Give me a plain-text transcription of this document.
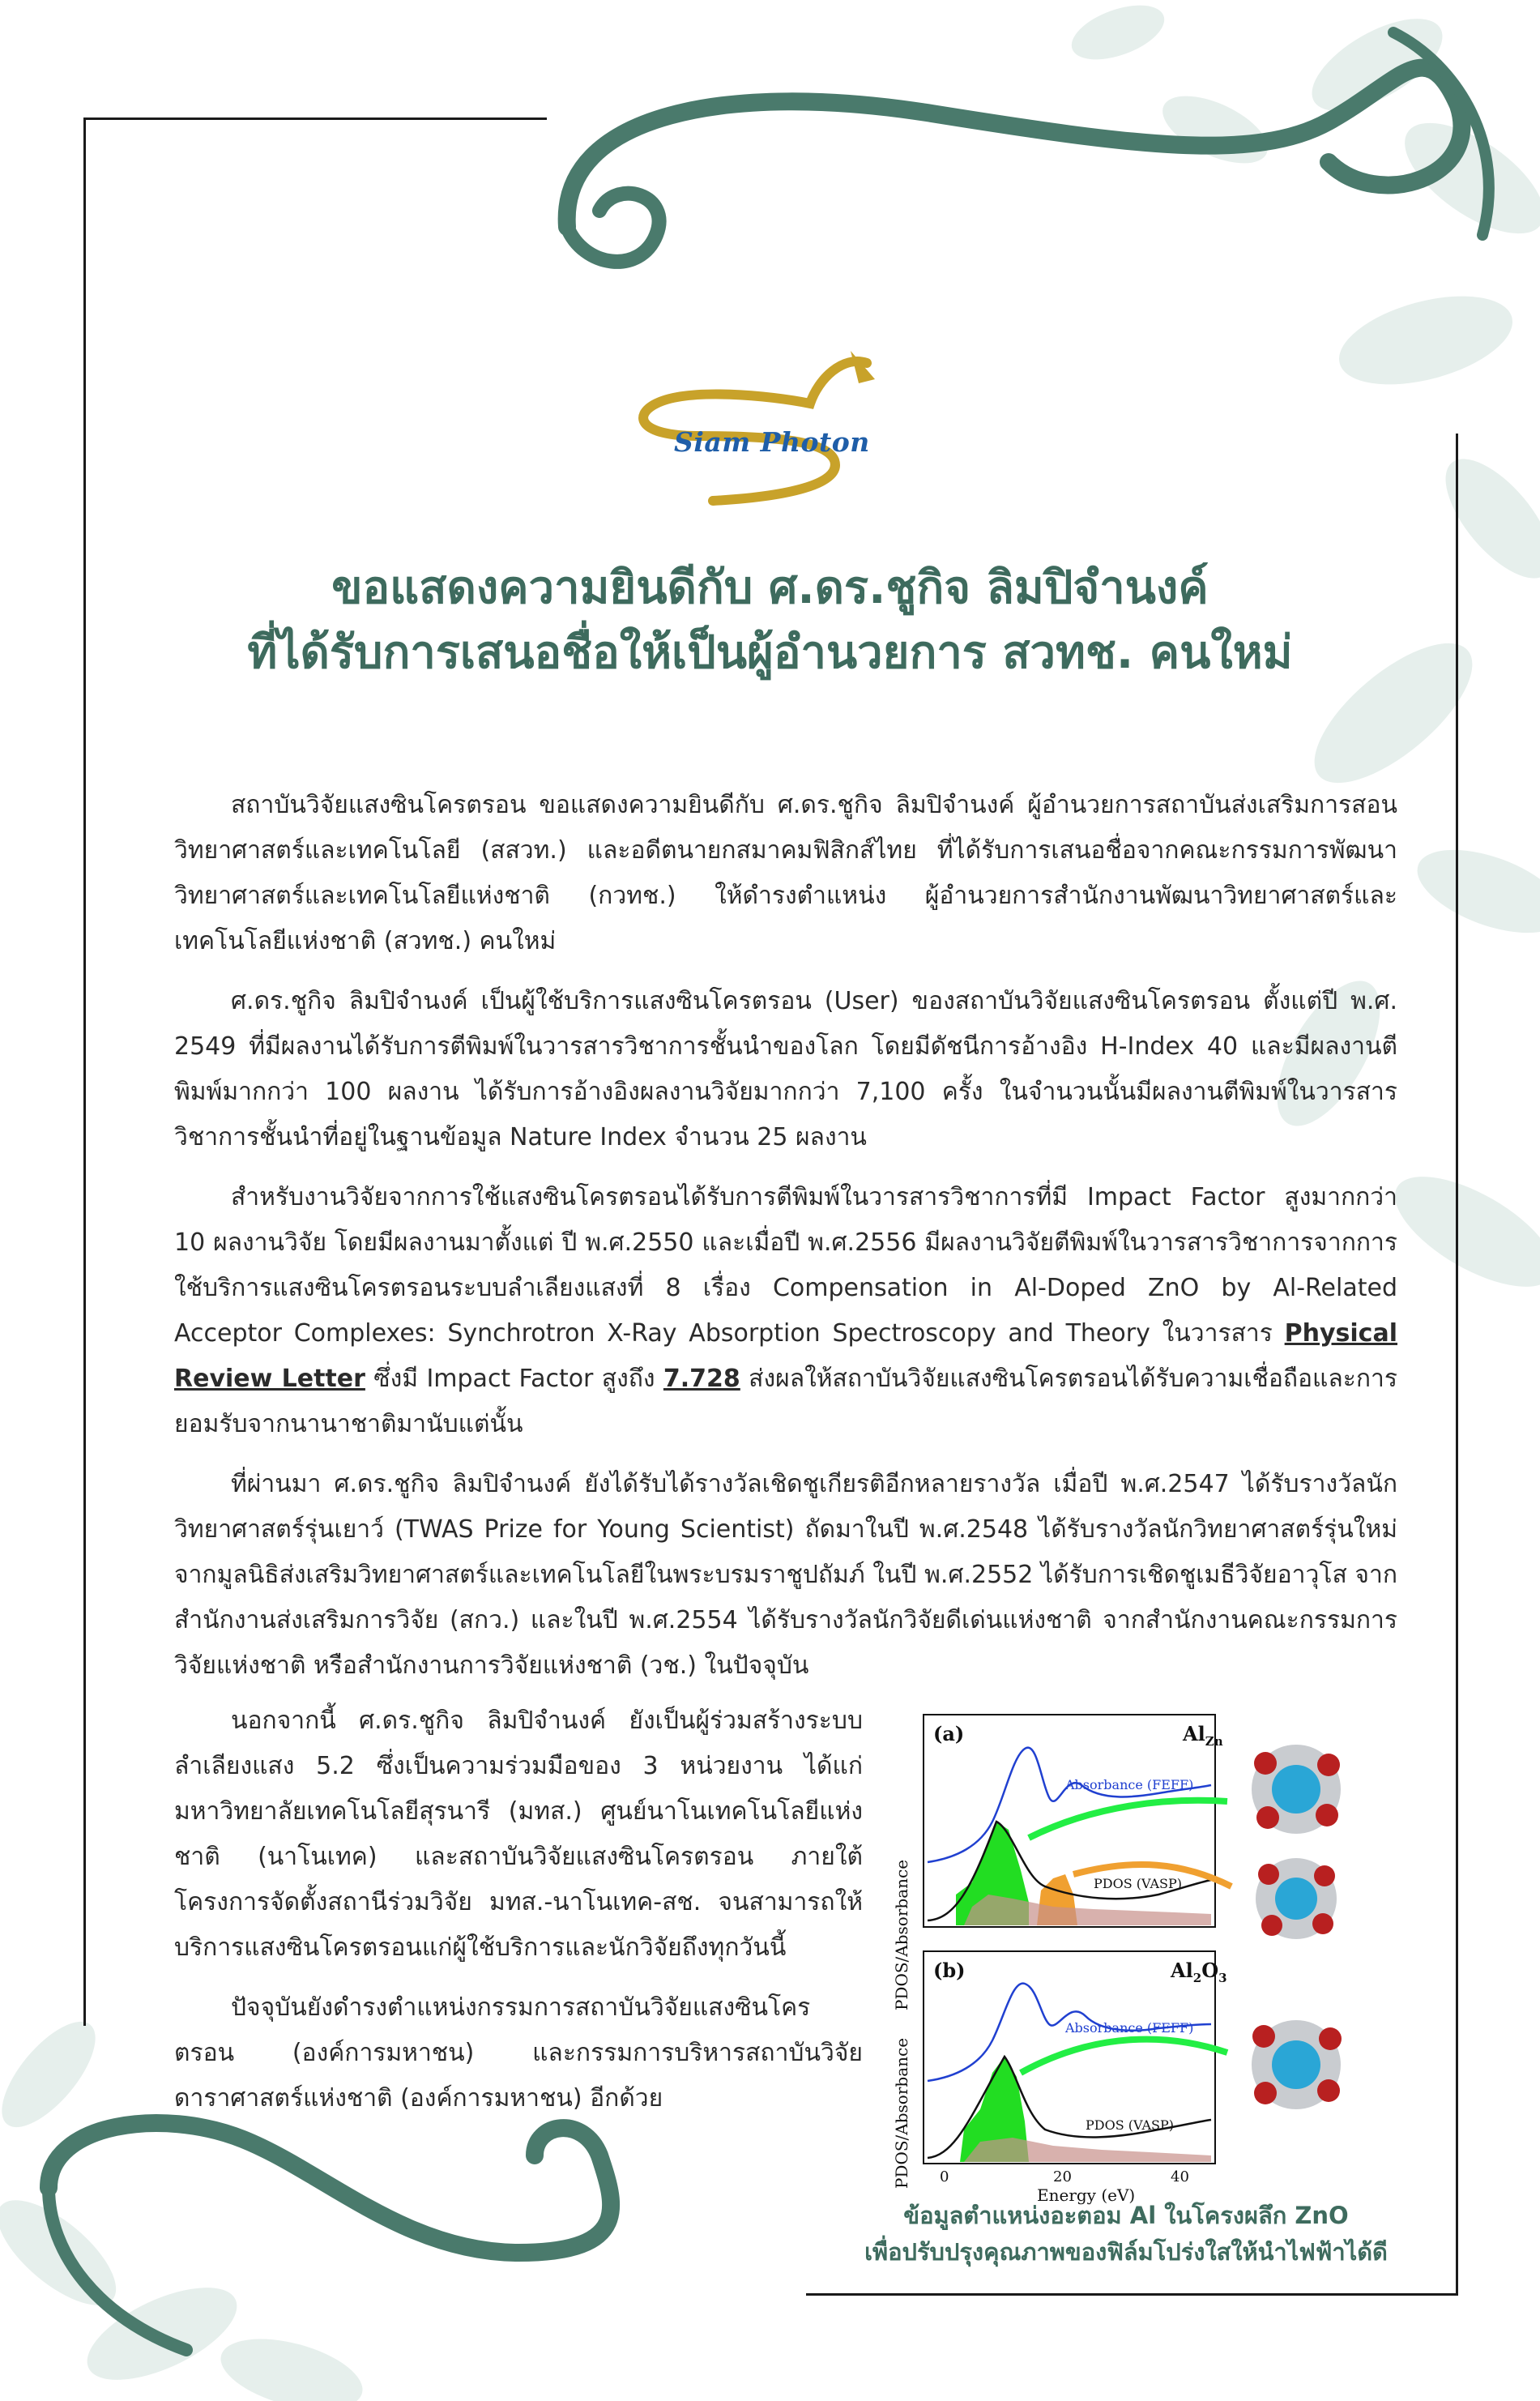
Siam Photon
ขอแสดงความยินดีกับ ศ.ดร.ชูกิจ ลิมปิจำนงค์
ที่ได้รับการเสนอชื่อให้เป็นผู้อำนวยการ สวทช. คนใหม่

สถาบันวิจัยแสงซินโครตรอน ขอแสดงความยินดีกับ ศ.ดร.ชูกิจ ลิมปิจำนงค์ ผู้อำนวยการสถาบันส่งเสริมการสอนวิทยาศาสตร์และเทคโนโลยี (สสวท.) และอดีตนายกสมาคมฟิสิกส์ไทย ที่ได้รับการเสนอชื่อจากคณะกรรมการพัฒนาวิทยาศาสตร์และเทคโนโลยีแห่งชาติ (กวทช.) ให้ดำรงตำแหน่ง ผู้อำนวยการสำนักงานพัฒนาวิทยาศาสตร์และเทคโนโลยีแห่งชาติ (สวทช.) คนใหม่

ศ.ดร.ชูกิจ ลิมปิจำนงค์ เป็นผู้ใช้บริการแสงซินโครตรอน (User) ของสถาบันวิจัยแสงซินโครตรอน ตั้งแต่ปี พ.ศ. 2549 ที่มีผลงานได้รับการตีพิมพ์ในวารสารวิชาการชั้นนำของโลก โดยมีดัชนีการอ้างอิง H-Index 40 และมีผลงานตีพิมพ์มากกว่า 100 ผลงาน ได้รับการอ้างอิงผลงานวิจัยมากกว่า 7,100 ครั้ง ในจำนวนนั้นมีผลงานตีพิมพ์ในวารสารวิชาการชั้นนำที่อยู่ในฐานข้อมูล Nature Index จำนวน 25 ผลงาน

สำหรับงานวิจัยจากการใช้แสงซินโครตรอนได้รับการตีพิมพ์ในวารสารวิชาการที่มี Impact Factor สูงมากกว่า 10 ผลงานวิจัย โดยมีผลงานมาตั้งแต่ ปี พ.ศ.2550 และเมื่อปี พ.ศ.2556 มีผลงานวิจัยตีพิมพ์ในวารสารวิชาการจากการใช้บริการแสงซินโครตรอนระบบลำเลียงแสงที่ 8 เรื่อง Compensation in Al-Doped ZnO by Al-Related Acceptor Complexes: Synchrotron X-Ray Absorption Spectroscopy and Theory ในวารสาร Physical Review Letter ซึ่งมี Impact Factor สูงถึง 7.728 ส่งผลให้สถาบันวิจัยแสงซินโครตรอนได้รับความเชื่อถือและการยอมรับจากนานาชาติมานับแต่นั้น

ที่ผ่านมา ศ.ดร.ชูกิจ ลิมปิจำนงค์ ยังได้รับได้รางวัลเชิดชูเกียรติอีกหลายรางวัล เมื่อปี พ.ศ.2547 ได้รับรางวัลนักวิทยาศาสตร์รุ่นเยาว์ (TWAS Prize for Young Scientist) ถัดมาในปี พ.ศ.2548 ได้รับรางวัลนักวิทยาศาสตร์รุ่นใหม่ จากมูลนิธิส่งเสริมวิทยาศาสตร์และเทคโนโลยีในพระบรมราชูปถัมภ์ ในปี พ.ศ.2552 ได้รับการเชิดชูเมธีวิจัยอาวุโส จากสำนักงานส่งเสริมการวิจัย (สกว.) และในปี พ.ศ.2554 ได้รับรางวัลนักวิจัยดีเด่นแห่งชาติ จากสำนักงานคณะกรรมการวิจัยแห่งชาติ หรือสำนักงานการวิจัยแห่งชาติ (วช.) ในปัจจุบัน

นอกจากนี้ ศ.ดร.ชูกิจ ลิมปิจำนงค์ ยังเป็นผู้ร่วมสร้างระบบลำเลียงแสง 5.2 ซึ่งเป็นความร่วมมือของ 3 หน่วยงาน ได้แก่ มหาวิทยาลัยเทคโนโลยีสุรนารี (มทส.) ศูนย์นาโนเทคโนโลยีแห่งชาติ (นาโนเทค) และสถาบันวิจัยแสงซินโครตรอน ภายใต้โครงการจัดตั้งสถานีร่วมวิจัย มทส.-นาโนเทค-สช. จนสามารถให้บริการแสงซินโครตรอนแก่ผู้ใช้บริการและนักวิจัยถึงทุกวันนี้

ปัจจุบันยังดำรงตำแหน่งกรรมการสถาบันวิจัยแสงซินโครตรอน (องค์การมหาชน) และกรรมการบริหารสถาบันวิจัยดาราศาสตร์แห่งชาติ (องค์การมหาชน) อีกด้วย

PDOS/Absorbance
PDOS/Absorbance
(a)	$Al_{Zn}$
Absorbance (FEFF)
PDOS (VASP)
(b)	$Al_2O_3$
Absorbance (FEFF)
PDOS (VASP)
0	20	40
Energy (eV)
ข้อมูลตำแหน่งอะตอม Al ในโครงผลึก ZnO
เพื่อปรับปรุงคุณภาพของฟิล์มโปร่งใสให้นำไฟฟ้าได้ดี
